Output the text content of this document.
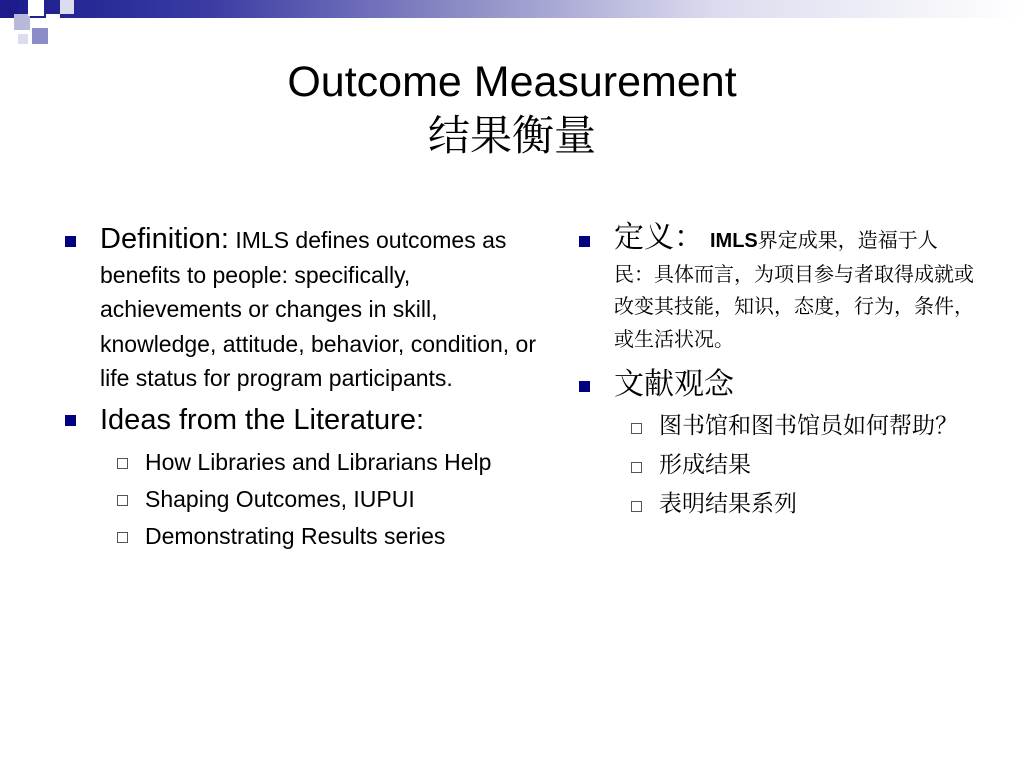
Outcome Measurement
结果衡量
Definition: IMLS defines outcomes as benefits to people: specifically, achievements or changes in skill, knowledge, attitude, behavior, condition, or life status for program participants.
Ideas from the Literature:
How Libraries and Librarians Help
Shaping Outcomes, IUPUI
Demonstrating Results series
定义： IMLS界定成果，造福于人民：具体而言，为项目参与者取得成就或改变其技能，知识，态度，行为，条件，或生活状况。
文献观念
图书馆和图书馆员如何帮助？
形成结果
表明结果系列
